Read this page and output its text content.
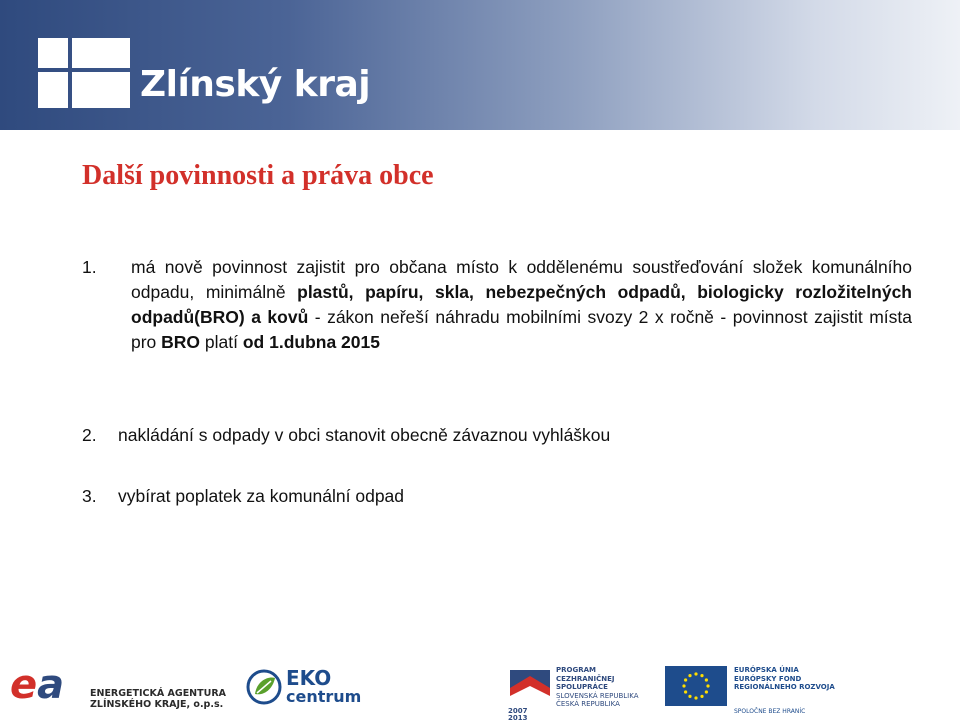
Zlínský kraj
Další povinnosti a práva obce
1. má nově povinnost zajistit pro občana místo k oddělenému soustřeďování složek komunálního odpadu, minimálně plastů, papíru, skla, nebezpečných odpadů, biologicky rozložitelných odpadů(BRO) a kovů - zákon neřeší náhradu mobilními svozy 2 x ročně - povinnost zajistit místa pro BRO platí od 1.dubna 2015
2. nakládání s odpady v obci stanovit obecně závaznou vyhláškou
3. vybírat poplatek za komunální odpad
ea	ENERGETICKÁ AGENTURA
ZLÍNSKÉHO KRAJE, o.p.s.
EKO
centrum
PROGRAM
CEZHRANIČNEJ
SPOLUPRÁCE
SLOVENSKÁ REPUBLIKA
ČESKÁ REPUBLIKA
2007
2013
EURÓPSKA ÚNIA
EURÓPSKY FOND
REGIONÁLNEHO ROZVOJA
SPOLOČNE BEZ HRANÍC
